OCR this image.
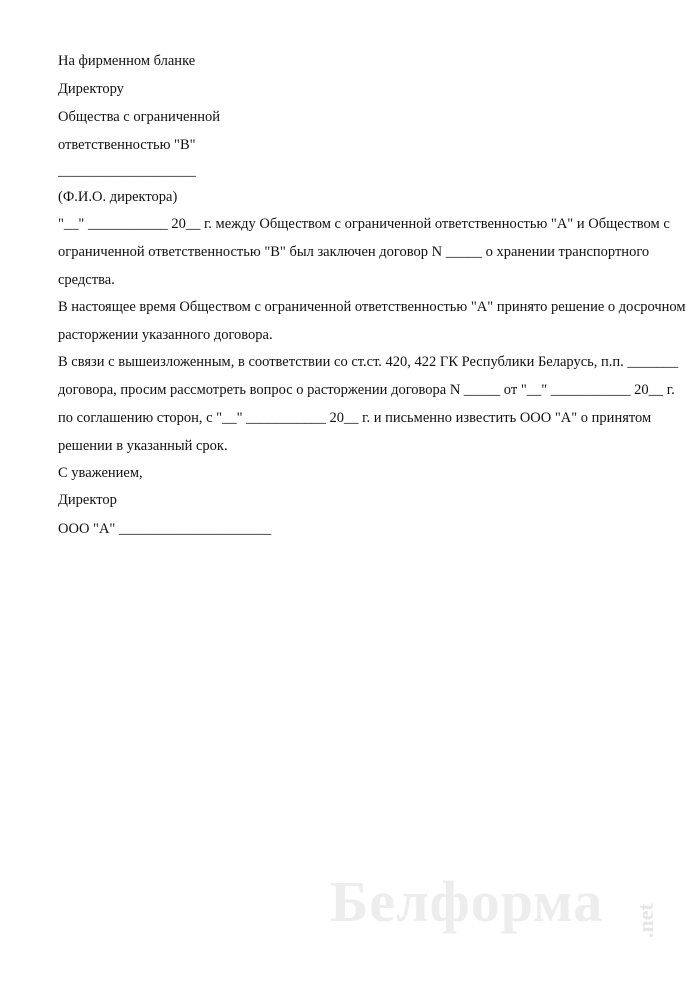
На фирменном бланке
Директору
Общества с ограниченной
ответственностью "В"
___________________
(Ф.И.О. директора)
"__" ___________ 20__ г. между Обществом с ограниченной ответственностью "А" и Обществом с
ограниченной ответственностью "В" был заключен договор N _____ о хранении транспортного
средства.
В настоящее время Обществом с ограниченной ответственностью "А" принято решение о досрочном
расторжении указанного договора.
В связи с вышеизложенным, в соответствии со ст.ст. 420, 422 ГК Республики Беларусь, п.п. _______
договора, просим рассмотреть вопрос о расторжении договора N _____ от "__" ___________ 20__ г.
по соглашению сторон, с "__" ___________ 20__ г. и письменно известить ООО "А" о принятом
решении в указанный срок.
С уважением,
Директор
ООО "А" _____________________
Белформа .net
